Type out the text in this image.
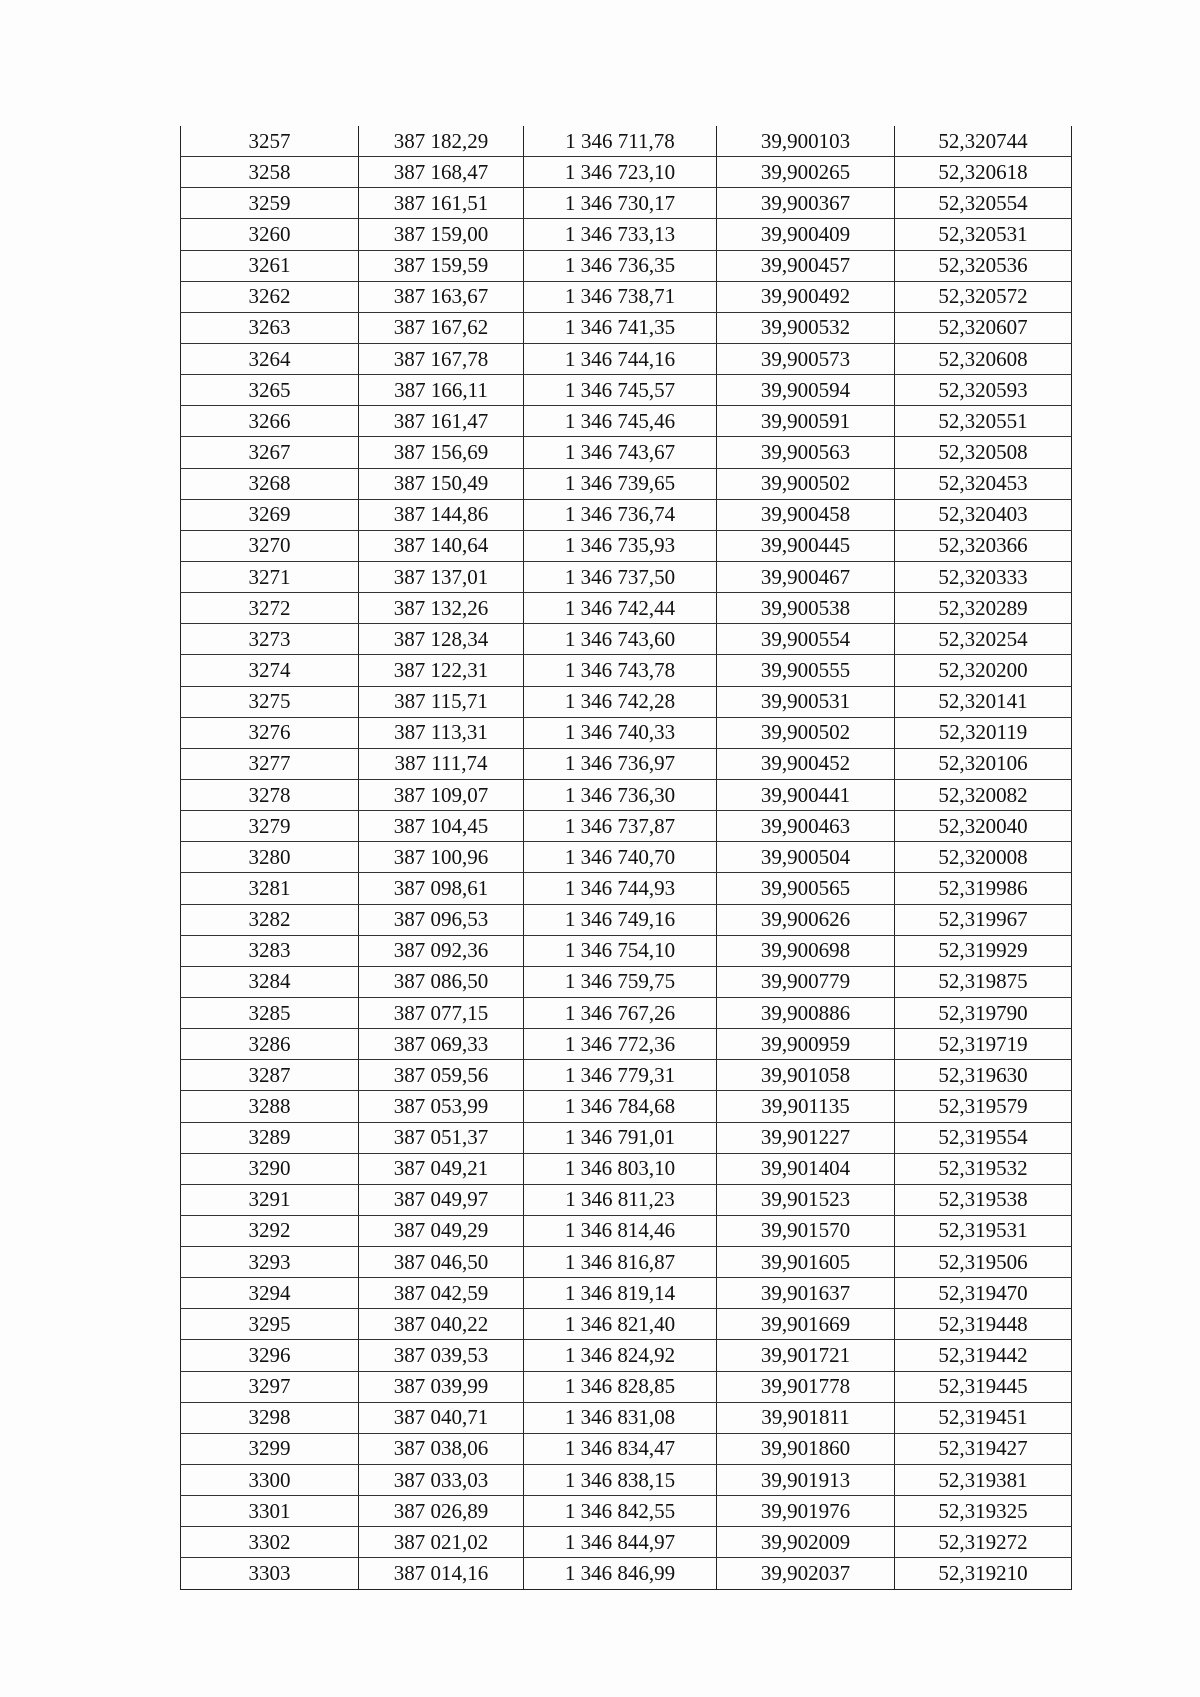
3257	387 182,29	1 346 711,78	39,900103	52,320744
3258	387 168,47	1 346 723,10	39,900265	52,320618
3259	387 161,51	1 346 730,17	39,900367	52,320554
3260	387 159,00	1 346 733,13	39,900409	52,320531
3261	387 159,59	1 346 736,35	39,900457	52,320536
3262	387 163,67	1 346 738,71	39,900492	52,320572
3263	387 167,62	1 346 741,35	39,900532	52,320607
3264	387 167,78	1 346 744,16	39,900573	52,320608
3265	387 166,11	1 346 745,57	39,900594	52,320593
3266	387 161,47	1 346 745,46	39,900591	52,320551
3267	387 156,69	1 346 743,67	39,900563	52,320508
3268	387 150,49	1 346 739,65	39,900502	52,320453
3269	387 144,86	1 346 736,74	39,900458	52,320403
3270	387 140,64	1 346 735,93	39,900445	52,320366
3271	387 137,01	1 346 737,50	39,900467	52,320333
3272	387 132,26	1 346 742,44	39,900538	52,320289
3273	387 128,34	1 346 743,60	39,900554	52,320254
3274	387 122,31	1 346 743,78	39,900555	52,320200
3275	387 115,71	1 346 742,28	39,900531	52,320141
3276	387 113,31	1 346 740,33	39,900502	52,320119
3277	387 111,74	1 346 736,97	39,900452	52,320106
3278	387 109,07	1 346 736,30	39,900441	52,320082
3279	387 104,45	1 346 737,87	39,900463	52,320040
3280	387 100,96	1 346 740,70	39,900504	52,320008
3281	387 098,61	1 346 744,93	39,900565	52,319986
3282	387 096,53	1 346 749,16	39,900626	52,319967
3283	387 092,36	1 346 754,10	39,900698	52,319929
3284	387 086,50	1 346 759,75	39,900779	52,319875
3285	387 077,15	1 346 767,26	39,900886	52,319790
3286	387 069,33	1 346 772,36	39,900959	52,319719
3287	387 059,56	1 346 779,31	39,901058	52,319630
3288	387 053,99	1 346 784,68	39,901135	52,319579
3289	387 051,37	1 346 791,01	39,901227	52,319554
3290	387 049,21	1 346 803,10	39,901404	52,319532
3291	387 049,97	1 346 811,23	39,901523	52,319538
3292	387 049,29	1 346 814,46	39,901570	52,319531
3293	387 046,50	1 346 816,87	39,901605	52,319506
3294	387 042,59	1 346 819,14	39,901637	52,319470
3295	387 040,22	1 346 821,40	39,901669	52,319448
3296	387 039,53	1 346 824,92	39,901721	52,319442
3297	387 039,99	1 346 828,85	39,901778	52,319445
3298	387 040,71	1 346 831,08	39,901811	52,319451
3299	387 038,06	1 346 834,47	39,901860	52,319427
3300	387 033,03	1 346 838,15	39,901913	52,319381
3301	387 026,89	1 346 842,55	39,901976	52,319325
3302	387 021,02	1 346 844,97	39,902009	52,319272
3303	387 014,16	1 346 846,99	39,902037	52,319210
